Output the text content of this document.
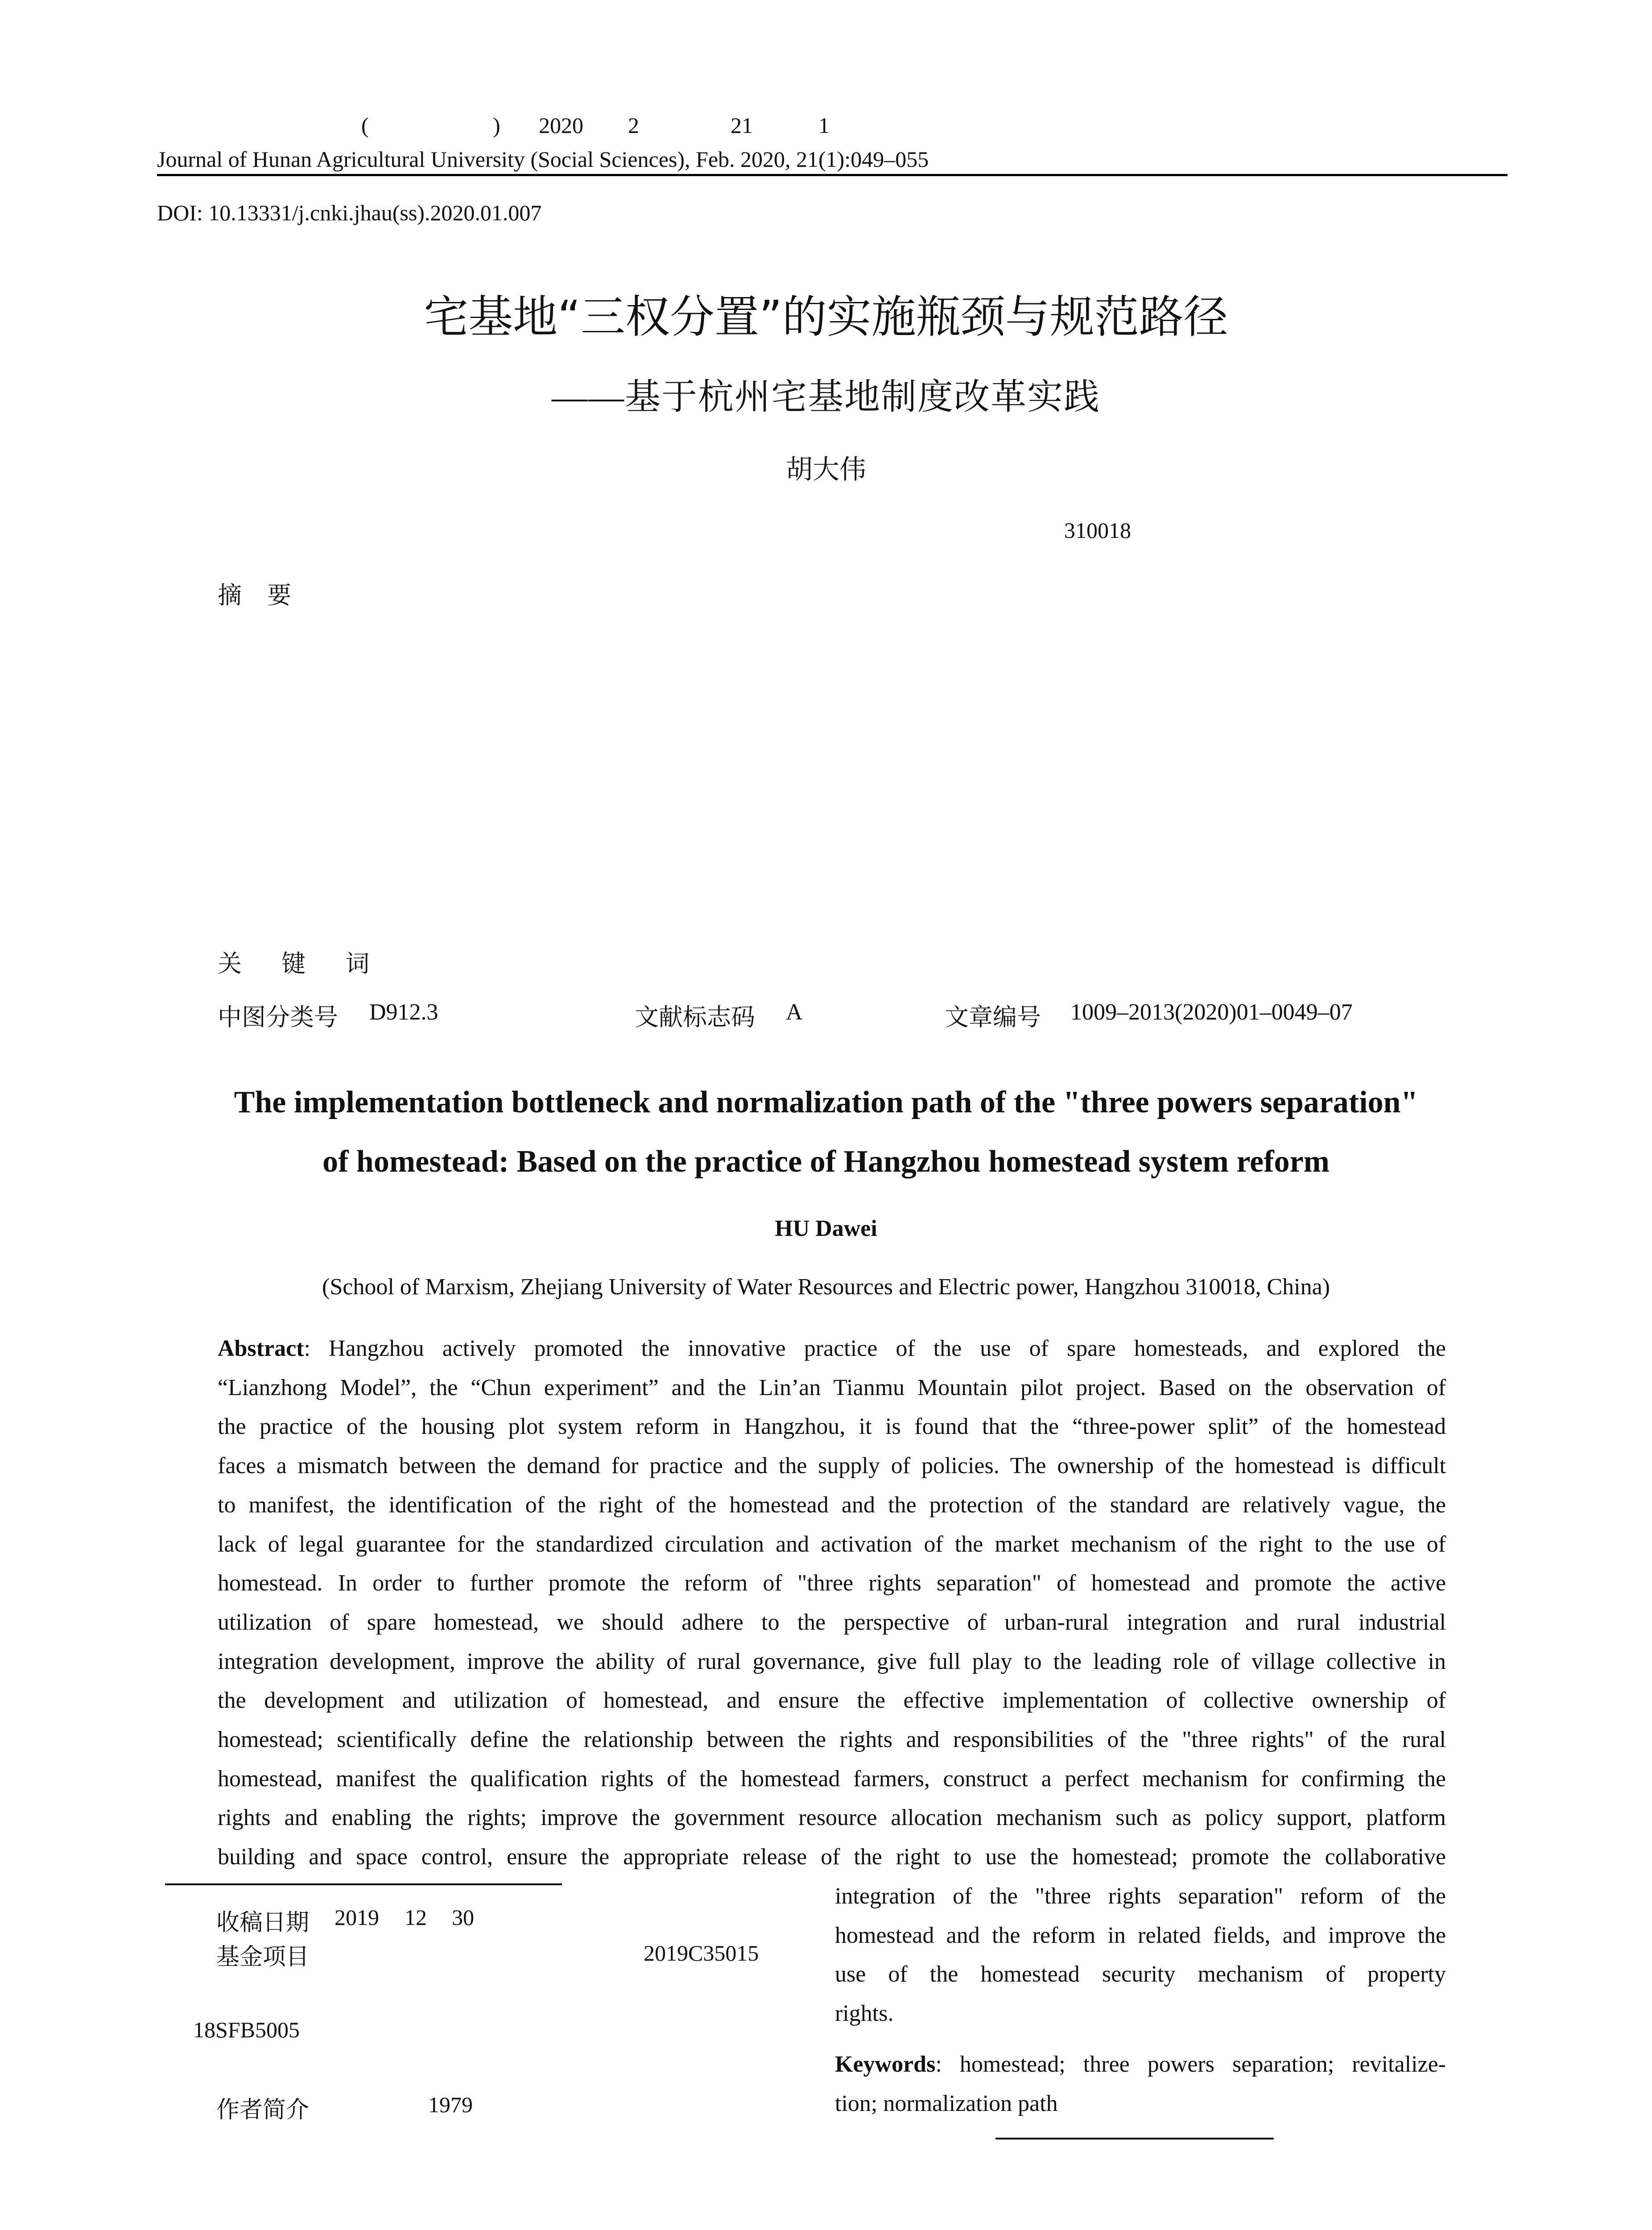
(	) 2020 2	21	1
Journal of Hunan Agricultural University (Social Sciences), Feb. 2020, 21(1):049–055
DOI: 10.13331/j.cnki.jhau(ss).2020.01.007
宅基地“三权分置”的实施瓶颈与规范路径
——基于杭州宅基地制度改革实践
胡大伟
310018
摘 要
关 键 词
中图分类号 D912.3	文献标志码 A	文章编号 1009–2013(2020)01–0049–07
The implementation bottleneck and normalization path of the "three powers separation"
of homestead: Based on the practice of Hangzhou homestead system reform
HU Dawei
(School of Marxism, Zhejiang University of Water Resources and Electric power, Hangzhou 310018, China)
Abstract: Hangzhou actively promoted the innovative practice of the use of spare homesteads, and explored the
“Lianzhong Model”, the “Chun experiment” and the Lin’an Tianmu Mountain pilot project. Based on the observation of
the practice of the housing plot system reform in Hangzhou, it is found that the “three-power split” of the homestead
faces a mismatch between the demand for practice and the supply of policies. The ownership of the homestead is difficult
to manifest, the identification of the right of the homestead and the protection of the standard are relatively vague, the
lack of legal guarantee for the standardized circulation and activation of the market mechanism of the right to the use of
homestead. In order to further promote the reform of "three rights separation" of homestead and promote the active
utilization of spare homestead, we should adhere to the perspective of urban-rural integration and rural industrial
integration development, improve the ability of rural governance, give full play to the leading role of village collective in
the development and utilization of homestead, and ensure the effective implementation of collective ownership of
homestead; scientifically define the relationship between the rights and responsibilities of the "three rights" of the rural
homestead, manifest the qualification rights of the homestead farmers, construct a perfect mechanism for confirming the
rights and enabling the rights; improve the government resource allocation mechanism such as policy support, platform
building and space control, ensure the appropriate release of the right to use the homestead; promote the collaborative
integration of the "three rights separation" reform of the
homestead and the reform in related fields, and improve the
use of the homestead security mechanism of property
rights.
Keywords: homestead; three powers separation; revitalize-
tion; normalization path
收稿日期 2019 12 30
基金项目	2019C35015
18SFB5005
作者简介	1979
